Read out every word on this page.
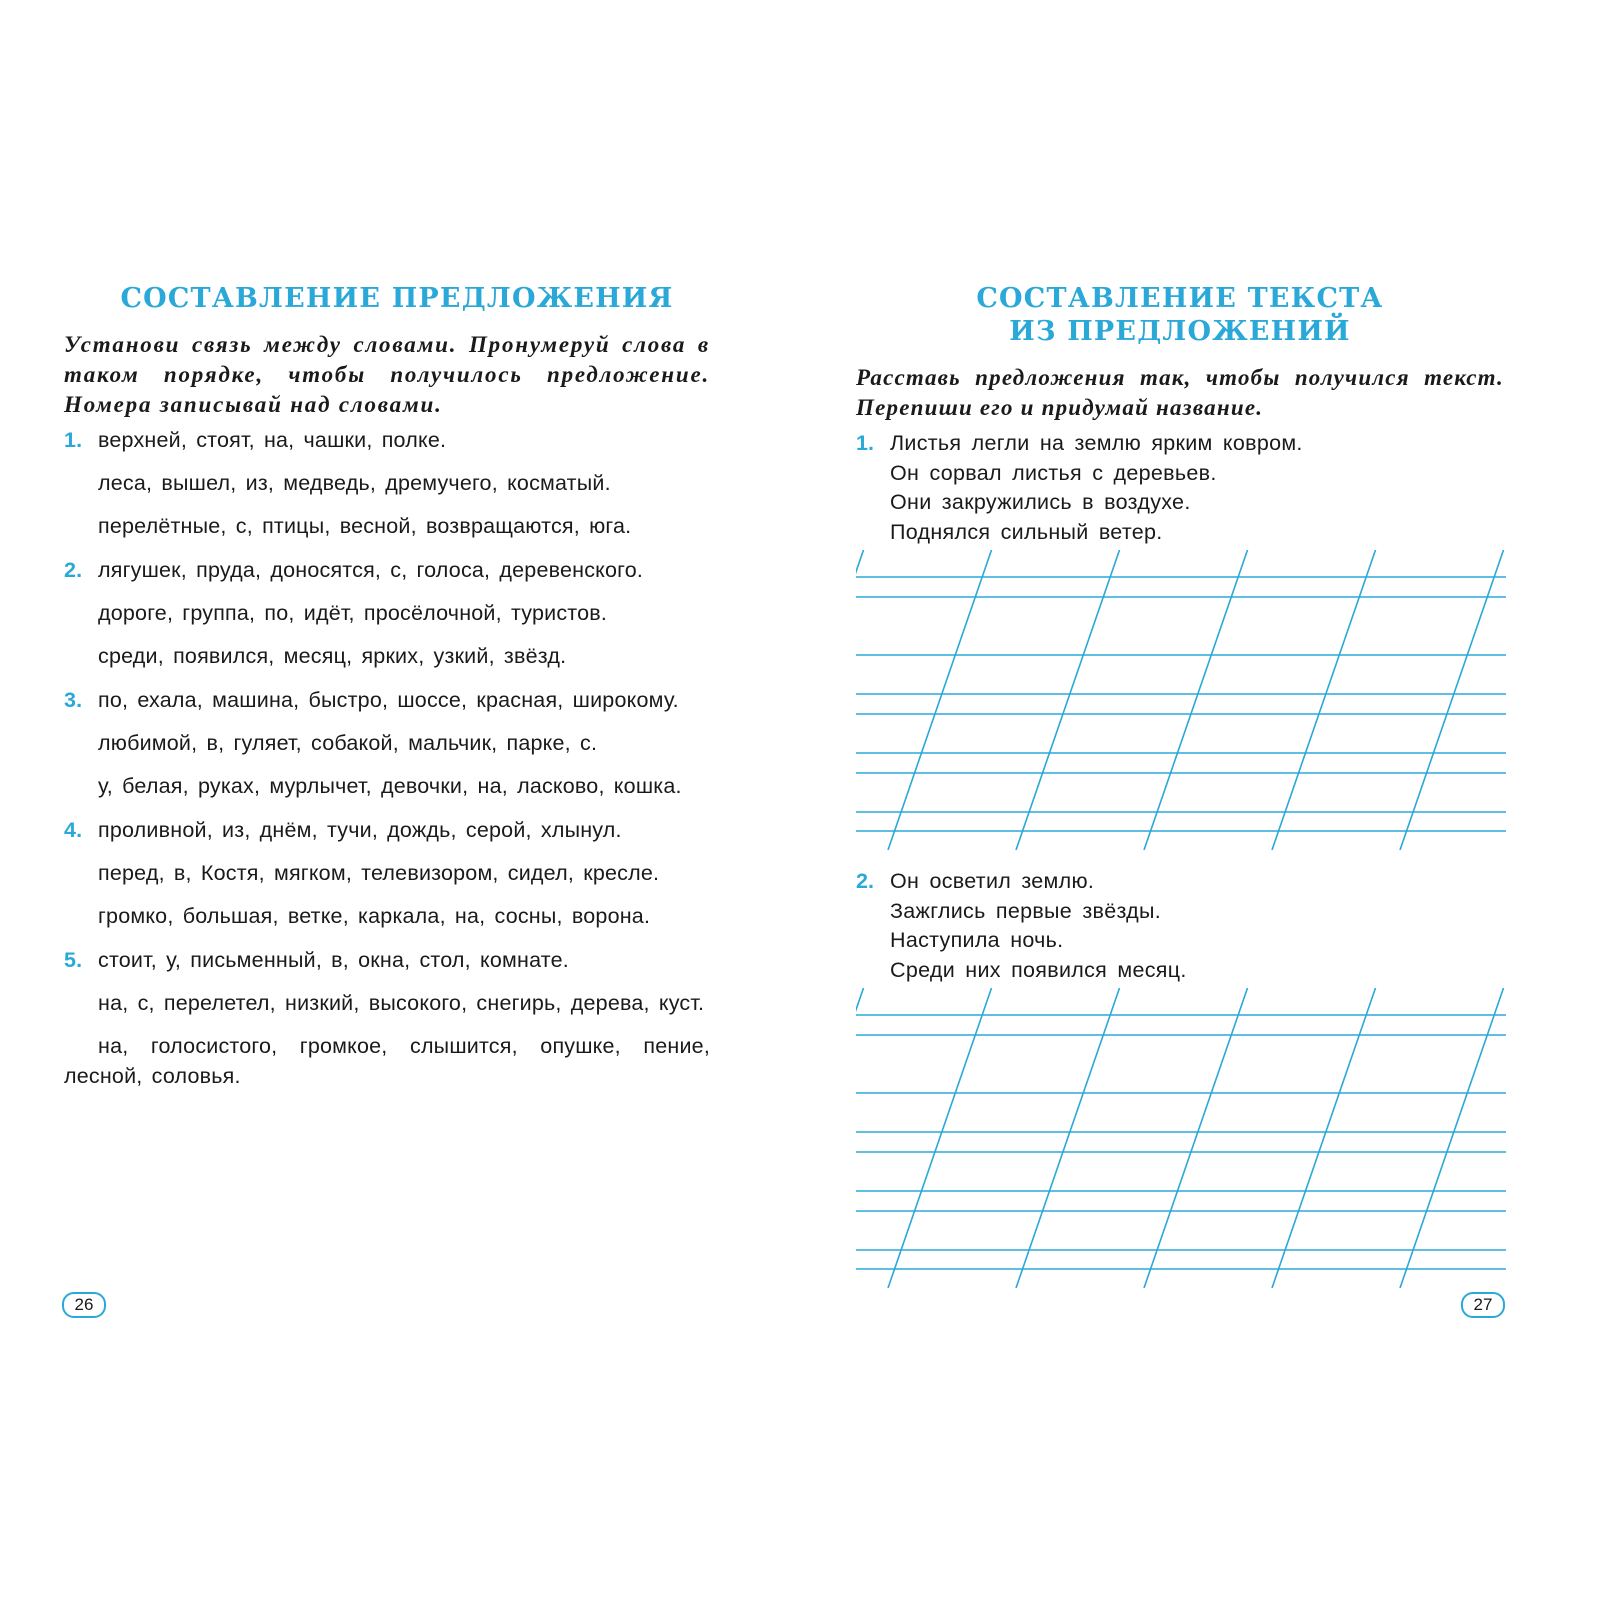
СОСТАВЛЕНИЕ ПРЕДЛОЖЕНИЯ

Установи связь между словами. Пронумеруй слова в таком порядке, чтобы получилось предложение. Номера записывай над словами.

1. верхней, стоят, на, чашки, полке.

леса, вышел, из, медведь, дремучего, косматый.

перелётные, с, птицы, весной, возвращаются, юга.

2. лягушек, пруда, доносятся, с, голоса, деревенского.

дороге, группа, по, идёт, просёлочной, туристов.

среди, появился, месяц, ярких, узкий, звёзд.

3. по, ехала, машина, быстро, шоссе, красная, широкому.

любимой, в, гуляет, собакой, мальчик, парке, с.

у, белая, руках, мурлычет, девочки, на, ласково, кошка.

4. проливной, из, днём, тучи, дождь, серой, хлынул.

перед, в, Костя, мягком, телевизором, сидел, кресле.

громко, большая, ветке, каркала, на, сосны, ворона.

5. стоит, у, письменный, в, окна, стол, комнате.

на, с, перелетел, низкий, высокого, снегирь, дерева, куст.

на, голосистого, громкое, слышится, опушке, пение, лесной, соловья.

26
СОСТАВЛЕНИЕ ТЕКСТА
ИЗ ПРЕДЛОЖЕНИЙ

Расставь предложения так, чтобы получился текст. Перепиши его и придумай название.

1. Листья легли на землю ярким ковром.

Он сорвал листья с деревьев.

Они закружились в воздухе.

Поднялся сильный ветер.

2. Он осветил землю.

Зажглись первые звёзды.

Наступила ночь.

Среди них появился месяц.

27
